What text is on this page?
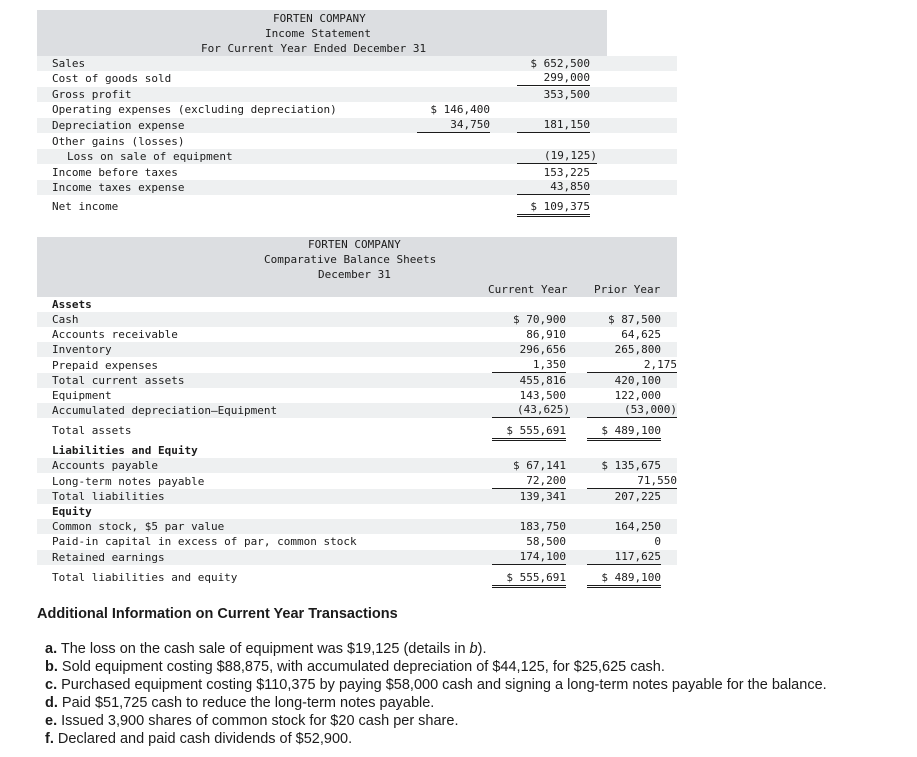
FORTEN COMPANY
Income Statement
For Current Year Ended December 31
Sales	$ 652,500
Cost of goods sold	299,000
Gross profit	353,500
Operating expenses (excluding depreciation)	$ 146,400
Depreciation expense	34,750	181,150
Other gains (losses)
Loss on sale of equipment	(19,125)
Income before taxes	153,225
Income taxes expense	43,850
Net income	$ 109,375
FORTEN COMPANY
Comparative Balance Sheets
December 31
Current Year Prior Year
Assets
Cash	$ 70,900	$ 87,500
Accounts receivable	86,910	64,625
Inventory	296,656	265,800
Prepaid expenses	1,350	2,175
Total current assets	455,816	420,100
Equipment	143,500	122,000
Accumulated depreciation—Equipment	(43,625)	(53,000)
Total assets	$ 555,691	$ 489,100
Liabilities and Equity
Accounts payable	$ 67,141	$ 135,675
Long-term notes payable	72,200	71,550
Total liabilities	139,341	207,225
Equity
Common stock, $5 par value	183,750	164,250
Paid-in capital in excess of par, common stock	58,500	0
Retained earnings	174,100	117,625
Total liabilities and equity	$ 555,691	$ 489,100
Additional Information on Current Year Transactions
a. The loss on the cash sale of equipment was $19,125 (details in b).
b. Sold equipment costing $88,875, with accumulated depreciation of $44,125, for $25,625 cash.
c. Purchased equipment costing $110,375 by paying $58,000 cash and signing a long-term notes payable for the balance.
d. Paid $51,725 cash to reduce the long-term notes payable.
e. Issued 3,900 shares of common stock for $20 cash per share.
f. Declared and paid cash dividends of $52,900.
